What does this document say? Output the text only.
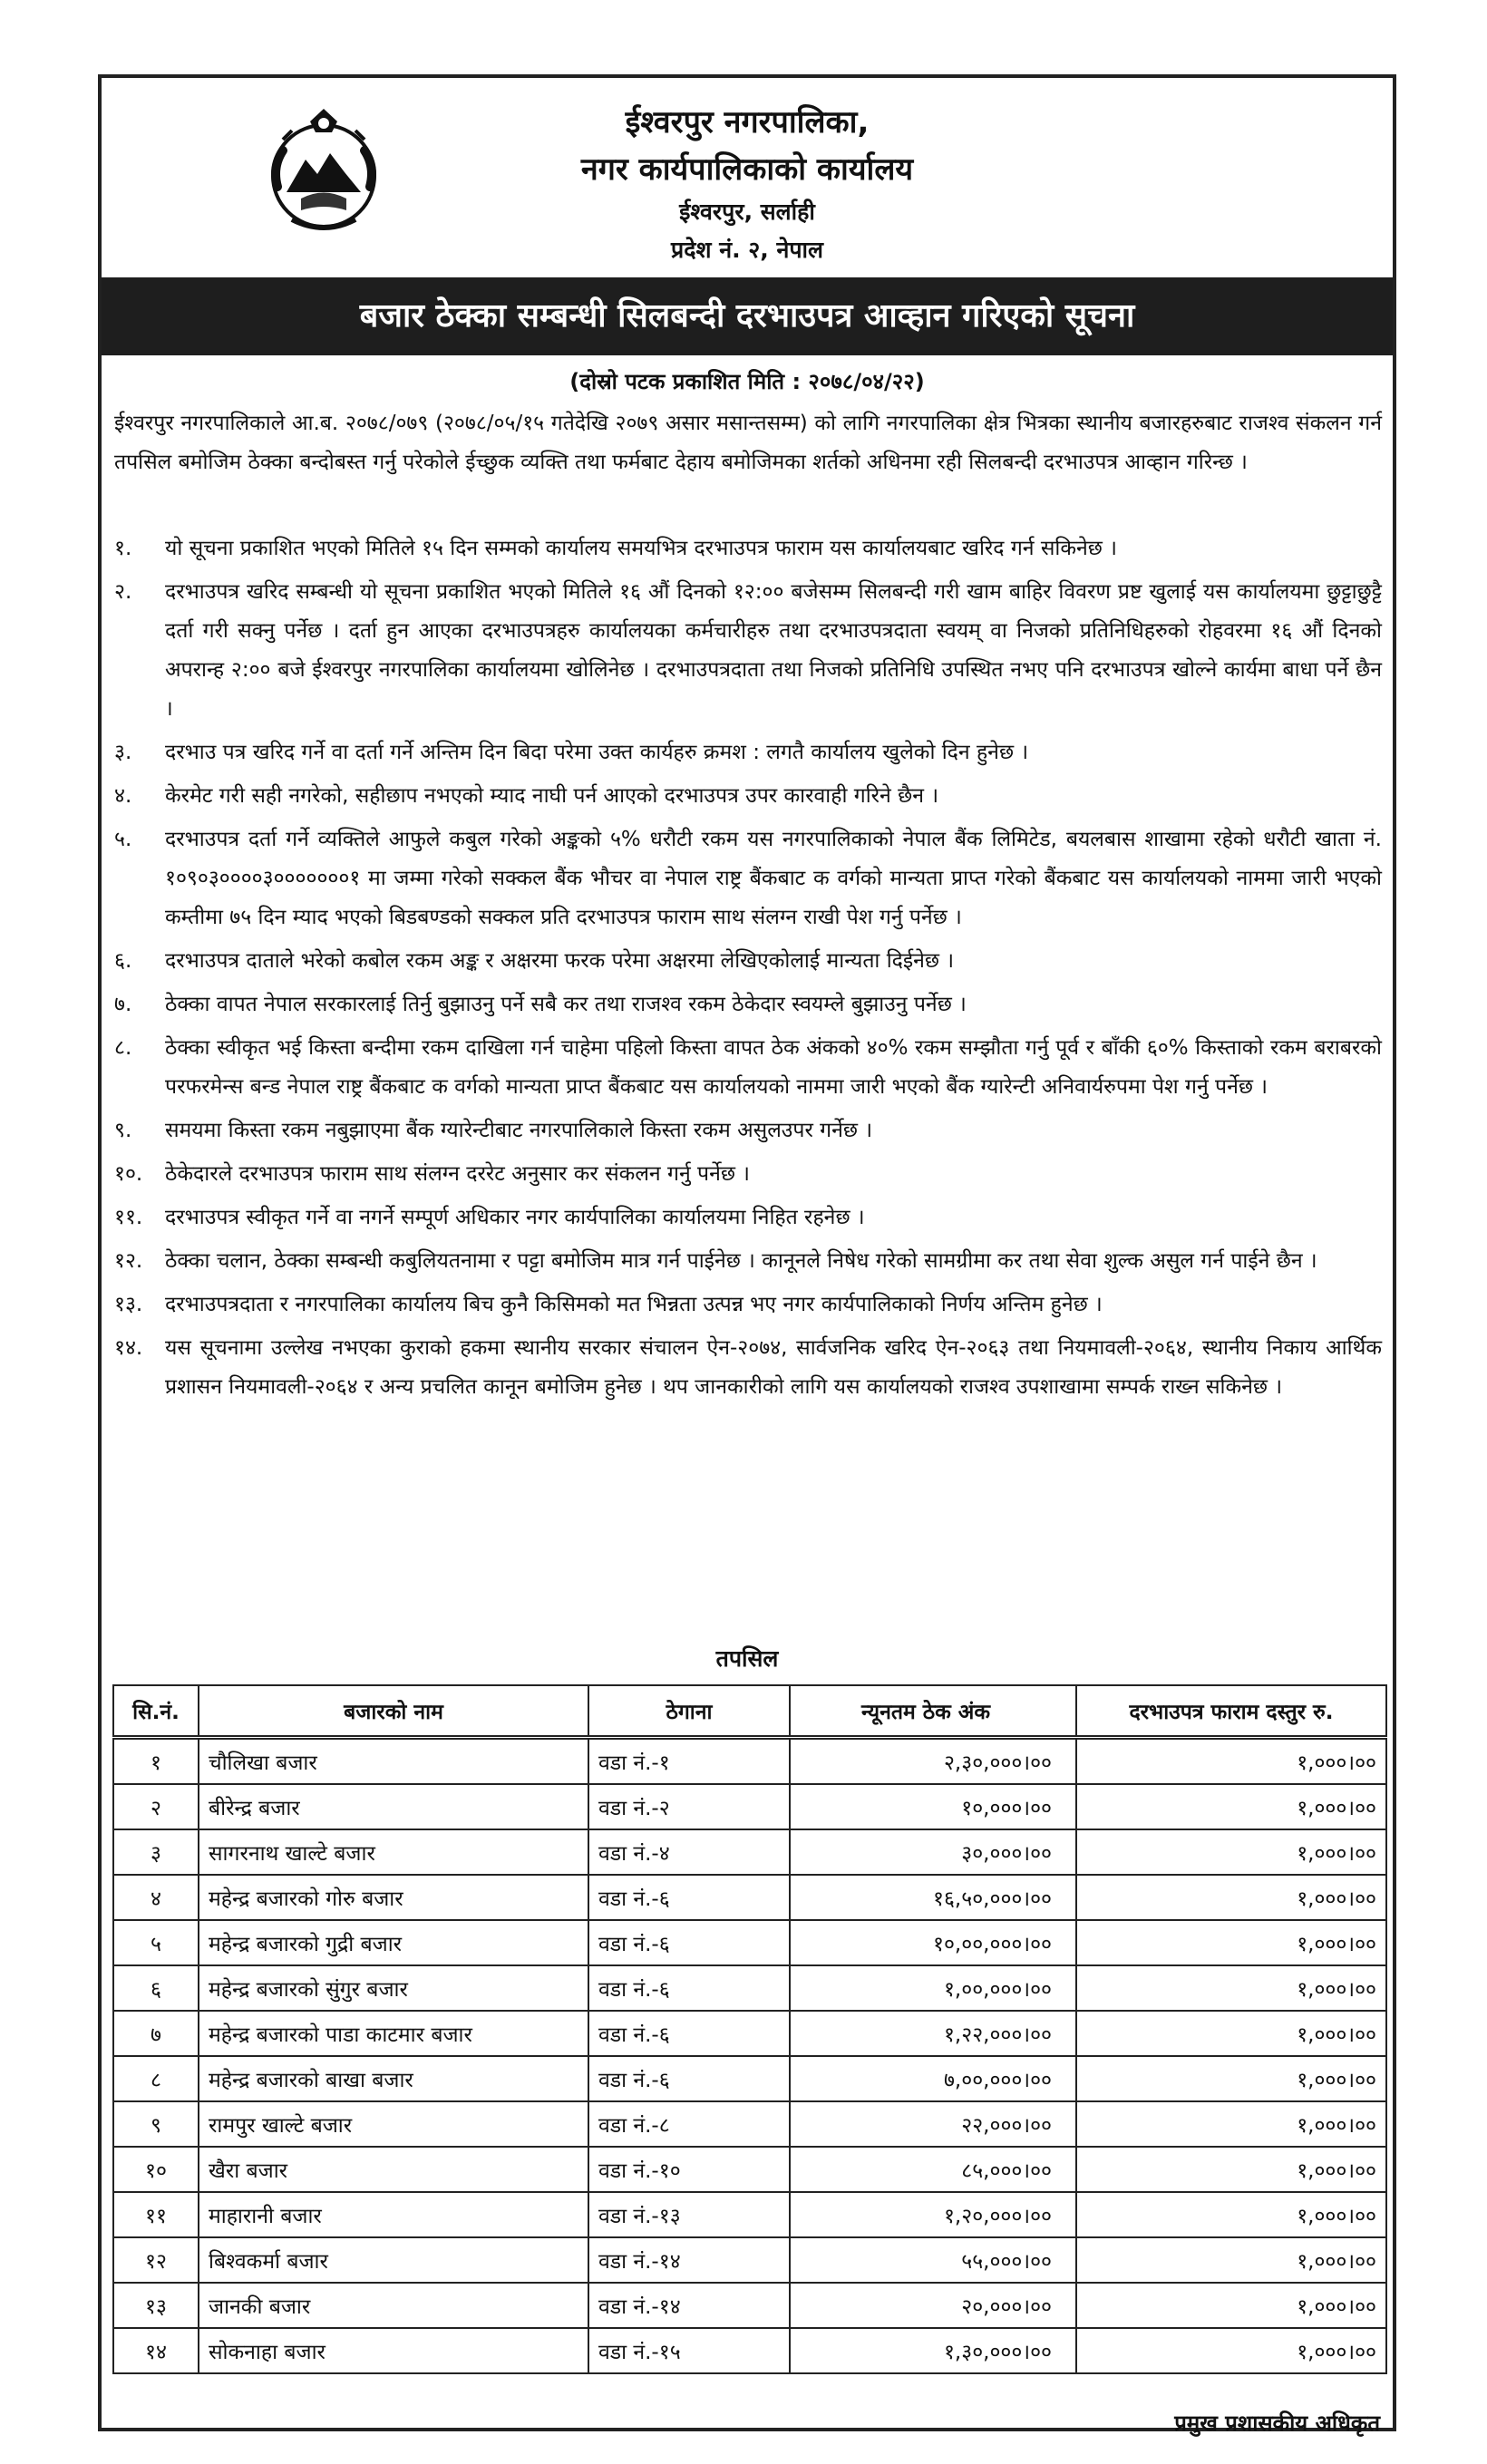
ईश्वरपुर नगरपालिका,
नगर कार्यपालिकाको कार्यालय
ईश्वरपुर, सर्लाही
प्रदेश नं. २, नेपाल
बजार ठेक्का सम्बन्धी सिलबन्दी दरभाउपत्र आव्हान गरिएको सूचना
(दोस्रो पटक प्रकाशित मिति : २०७८/०४/२२)
ईश्वरपुर नगरपालिकाले आ.ब. २०७८/०७९ (२०७८/०५/१५ गतेदेखि २०७९ असार मसान्तसम्म) को लागि नगरपालिका क्षेत्र भित्रका स्थानीय बजारहरुबाट राजश्व संकलन गर्न तपसिल बमोजिम ठेक्का बन्दोबस्त गर्नु परेकोले ईच्छुक व्यक्ति तथा फर्मबाट देहाय बमोजिमका शर्तको अधिनमा रही सिलबन्दी दरभाउपत्र आव्हान गरिन्छ ।
१.	यो सूचना प्रकाशित भएको मितिले १५ दिन सम्मको कार्यालय समयभित्र दरभाउपत्र फाराम यस कार्यालयबाट खरिद गर्न सकिनेछ ।
२.	दरभाउपत्र खरिद सम्बन्धी यो सूचना प्रकाशित भएको मितिले १६ औं दिनको १२:०० बजेसम्म सिलबन्दी गरी खाम बाहिर विवरण प्रष्ट खुलाई यस कार्यालयमा छुट्टाछुट्टै दर्ता गरी सक्नु पर्नेछ । दर्ता हुन आएका दरभाउपत्रहरु कार्यालयका कर्मचारीहरु तथा दरभाउपत्रदाता स्वयम् वा निजको प्रतिनिधिहरुको रोहवरमा १६ औं दिनको अपरान्ह २:०० बजे ईश्वरपुर नगरपालिका कार्यालयमा खोलिनेछ । दरभाउपत्रदाता तथा निजको प्रतिनिधि उपस्थित नभए पनि दरभाउपत्र खोल्ने कार्यमा बाधा पर्ने छैन ।
३.	दरभाउ पत्र खरिद गर्ने वा दर्ता गर्ने अन्तिम दिन बिदा परेमा उक्त कार्यहरु क्रमश : लगतै कार्यालय खुलेको दिन हुनेछ ।
४.	केरमेट गरी सही नगरेको, सहीछाप नभएको म्याद नाघी पर्न आएको दरभाउपत्र उपर कारवाही गरिने छैन ।
५.	दरभाउपत्र दर्ता गर्ने व्यक्तिले आफुले कबुल गरेको अङ्कको ५% धरौटी रकम यस नगरपालिकाको नेपाल बैंक लिमिटेड, बयलबास शाखामा रहेको धरौटी खाता नं. १०९०३००००३०००००००१ मा जम्मा गरेको सक्कल बैंक भौचर वा नेपाल राष्ट्र बैंकबाट क वर्गको मान्यता प्राप्त गरेको बैंकबाट यस कार्यालयको नाममा जारी भएको कम्तीमा ७५ दिन म्याद भएको बिडबण्डको सक्कल प्रति दरभाउपत्र फाराम साथ संलग्न राखी पेश गर्नु पर्नेछ ।
६.	दरभाउपत्र दाताले भरेको कबोल रकम अङ्क र अक्षरमा फरक परेमा अक्षरमा लेखिएकोलाई मान्यता दिईनेछ ।
७.	ठेक्का वापत नेपाल सरकारलाई तिर्नु बुझाउनु पर्ने सबै कर तथा राजश्व रकम ठेकेदार स्वयम्ले बुझाउनु पर्नेछ ।
८.	ठेक्का स्वीकृत भई किस्ता बन्दीमा रकम दाखिला गर्न चाहेमा पहिलो किस्ता वापत ठेक अंकको ४०% रकम सम्झौता गर्नु पूर्व र बाँकी ६०% किस्ताको रकम बराबरको परफरमेन्स बन्ड नेपाल राष्ट्र बैंकबाट क वर्गको मान्यता प्राप्त बैंकबाट यस कार्यालयको नाममा जारी भएको बैंक ग्यारेन्टी अनिवार्यरुपमा पेश गर्नु पर्नेछ ।
९.	समयमा किस्ता रकम नबुझाएमा बैंक ग्यारेन्टीबाट नगरपालिकाले किस्ता रकम असुलउपर गर्नेछ ।
१०.	ठेकेदारले दरभाउपत्र फाराम साथ संलग्न दररेट अनुसार कर संकलन गर्नु पर्नेछ ।
११.	दरभाउपत्र स्वीकृत गर्ने वा नगर्ने सम्पूर्ण अधिकार नगर कार्यपालिका कार्यालयमा निहित रहनेछ ।
१२.	ठेक्का चलान, ठेक्का सम्बन्धी कबुलियतनामा र पट्टा बमोजिम मात्र गर्न पाईनेछ । कानूनले निषेध गरेको सामग्रीमा कर तथा सेवा शुल्क असुल गर्न पाईने छैन ।
१३.	दरभाउपत्रदाता र नगरपालिका कार्यालय बिच कुनै किसिमको मत भिन्नता उत्पन्न भए नगर कार्यपालिकाको निर्णय अन्तिम हुनेछ ।
१४.	यस सूचनामा उल्लेख नभएका कुराको हकमा स्थानीय सरकार संचालन ऐन-२०७४, सार्वजनिक खरिद ऐन-२०६३ तथा नियमावली-२०६४, स्थानीय निकाय आर्थिक प्रशासन नियमावली-२०६४ र अन्य प्रचलित कानून बमोजिम हुनेछ । थप जानकारीको लागि यस कार्यालयको राजश्व उपशाखामा सम्पर्क राख्न सकिनेछ ।
तपसिल
सि.नं.	बजारको नाम	ठेगाना	न्यूनतम ठेक अंक	दरभाउपत्र फाराम दस्तुर रु.
१	चौलिखा बजार	वडा नं.-१	२,३०,०००।००	१,०००।००
२	बीरेन्द्र बजार	वडा नं.-२	१०,०००।००	१,०००।००
३	सागरनाथ खाल्टे बजार	वडा नं.-४	३०,०००।००	१,०००।००
४	महेन्द्र बजारको गोरु बजार	वडा नं.-६	१६,५०,०००।००	१,०००।००
५	महेन्द्र बजारको गुद्री बजार	वडा नं.-६	१०,००,०००।००	१,०००।००
६	महेन्द्र बजारको सुंगुर बजार	वडा नं.-६	१,००,०००।००	१,०००।००
७	महेन्द्र बजारको पाडा काटमार बजार	वडा नं.-६	१,२२,०००।००	१,०००।००
८	महेन्द्र बजारको बाखा बजार	वडा नं.-६	७,००,०००।००	१,०००।००
९	रामपुर खाल्टे बजार	वडा नं.-८	२२,०००।००	१,०००।००
१०	खैरा बजार	वडा नं.-१०	८५,०००।००	१,०००।००
११	माहारानी बजार	वडा नं.-१३	१,२०,०००।००	१,०००।००
१२	बिश्वकर्मा बजार	वडा नं.-१४	५५,०००।००	१,०००।००
१३	जानकी बजार	वडा नं.-१४	२०,०००।००	१,०००।००
१४	सोकनाहा बजार	वडा नं.-१५	१,३०,०००।००	१,०००।००
प्रमुख प्रशासकीय अधिकृत
